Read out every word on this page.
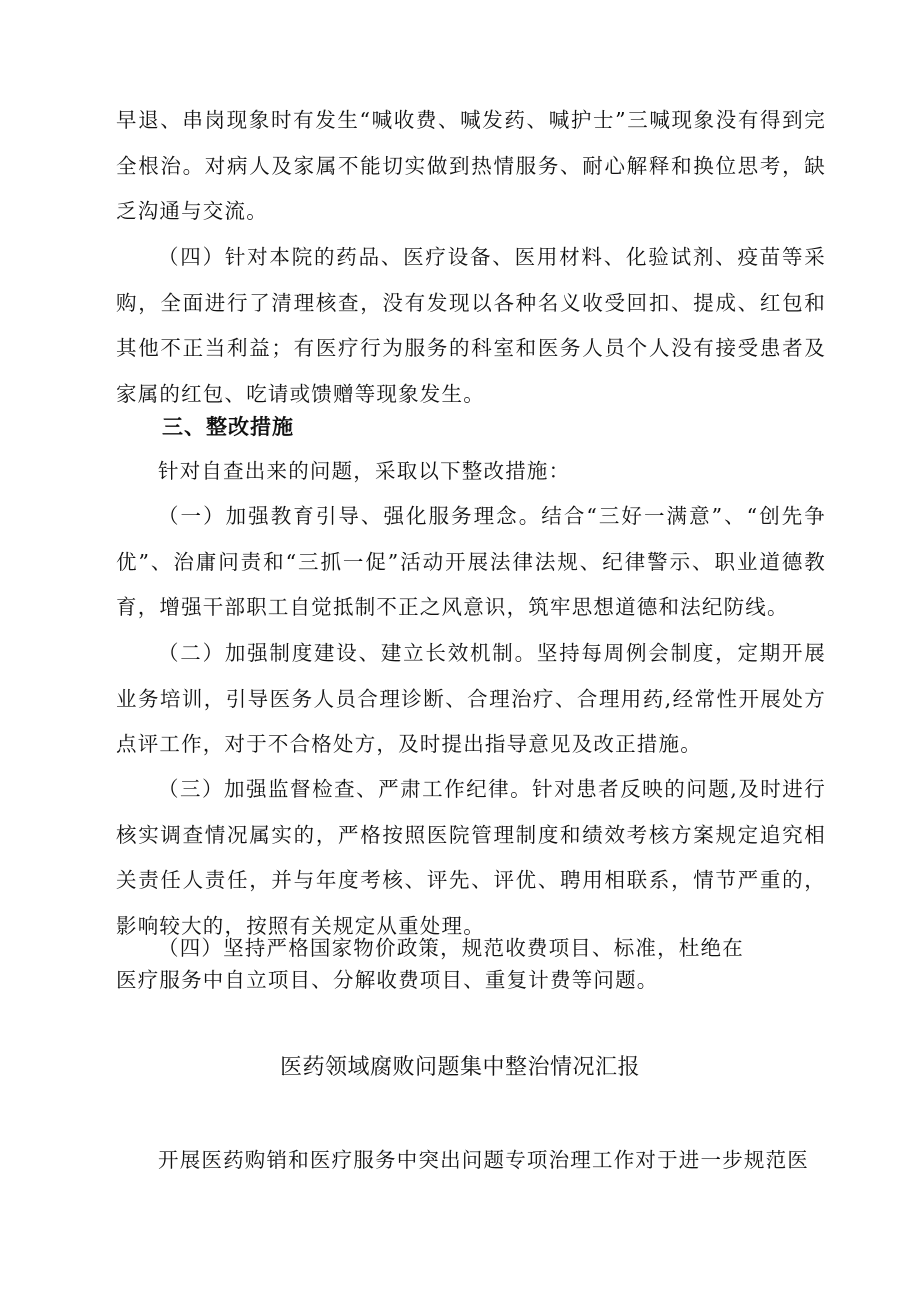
早退、串岗现象时有发生“喊收费、喊发药、喊护士”三喊现象没有得到完全根治。对病人及家属不能切实做到热情服务、耐心解释和换位思考，缺乏沟通与交流。

（四）针对本院的药品、医疗设备、医用材料、化验试剂、疫苗等采购，全面进行了清理核查，没有发现以各种名义收受回扣、提成、红包和其他不正当利益；有医疗行为服务的科室和医务人员个人没有接受患者及家属的红包、吃请或馈赠等现象发生。

三、整改措施

针对自查出来的问题，采取以下整改措施：

（一）加强教育引导、强化服务理念。结合“三好一满意”、“创先争优”、治庸问责和“三抓一促”活动开展法律法规、纪律警示、职业道德教育，增强干部职工自觉抵制不正之风意识，筑牢思想道德和法纪防线。

（二）加强制度建设、建立长效机制。坚持每周例会制度，定期开展业务培训，引导医务人员合理诊断、合理治疗、合理用药,经常性开展处方点评工作，对于不合格处方，及时提出指导意见及改正措施。

（三）加强监督检查、严肃工作纪律。针对患者反映的问题,及时进行核实调查情况属实的，严格按照医院管理制度和绩效考核方案规定追究相关责任人责任，并与年度考核、评先、评优、聘用相联系，情节严重的，影响较大的，按照有关规定从重处理。

（四）坚持严格国家物价政策，规范收费项目、标准，杜绝在

医疗服务中自立项目、分解收费项目、重复计费等问题。

医药领域腐败问题集中整治情况汇报

开展医药购销和医疗服务中突出问题专项治理工作对于进一步规范医
